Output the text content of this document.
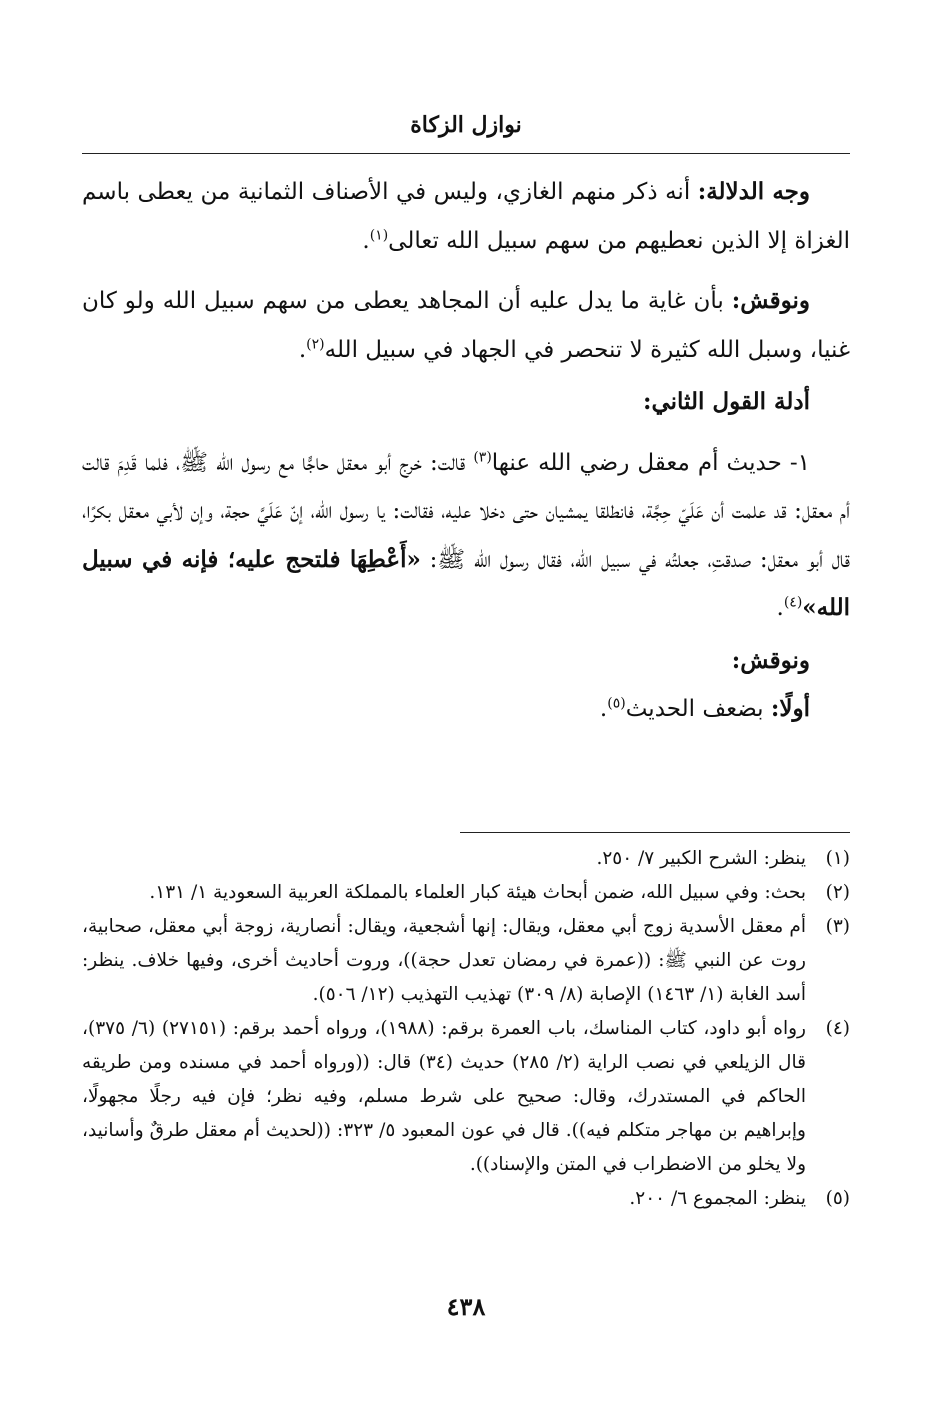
نوازل الزكاة

وجه الدلالة: أنه ذكر منهم الغازي، وليس في الأصناف الثمانية من يعطى باسم الغزاة إلا الذين نعطيهم من سهم سبيل الله تعالى$^{(١)}$.

ونوقش: بأن غاية ما يدل عليه أن المجاهد يعطى من سهم سبيل الله ولو كان غنيا، وسبل الله كثيرة لا تنحصر في الجهاد في سبيل الله$^{(٢)}$.

أدلة القول الثاني:

١- حديث أم معقل رضي الله عنها$^{(٣)}$ قالت: خرج أبو معقل حاجًّا مع رسول الله ﷺ، فلما قَدِمَ قالت أم معقل: قد علمت أن عَلَيّ حِجَّة، فانطلقا يمشيان حتى دخلا عليه، فقالت: يا رسول الله، إنّ عَلَيَّ حجة، وإن لأبي معقل بكرًا، قال أبو معقل: صدقتِ، جعلتُه في سبيل الله، فقال رسول الله ﷺ: «أَعْطِهَا فلتحج عليه؛ فإنه في سبيل الله»$^{(٤)}$.

ونوقش:

أولًا: بضعف الحديث$^{(٥)}$.

(١)
ينظر: الشرح الكبير ٧/ ٢٥٠.

(٢)
بحث: وفي سبيل الله، ضمن أبحاث هيئة كبار العلماء بالمملكة العربية السعودية ١/ ١٣١.

(٣)
أم معقل الأسدية زوج أبي معقل، ويقال: إنها أشجعية، ويقال: أنصارية، زوجة أبي معقل، صحابية، روت عن النبي ﷺ: ((عمرة في رمضان تعدل حجة))، وروت أحاديث أخرى، وفيها خلاف. ينظر: أسد الغابة (١/ ١٤٦٣) الإصابة (٨/ ٣٠٩) تهذيب التهذيب (١٢/ ٥٠٦).

(٤)
رواه أبو داود، كتاب المناسك، باب العمرة برقم: (١٩٨٨)، ورواه أحمد برقم: (٢٧١٥١) (٦/ ٣٧٥)، قال الزيلعي في نصب الراية (٢/ ٢٨٥) حديث (٣٤) قال: ((ورواه أحمد في مسنده ومن طريقه الحاكم في المستدرك، وقال: صحيح على شرط مسلم، وفيه نظر؛ فإن فيه رجلًا مجهولًا، وإبراهيم بن مهاجر متكلم فيه)). قال في عون المعبود ٥/ ٣٢٣: ((لحديث أم معقل طرقٌ وأسانيد، ولا يخلو من الاضطراب في المتن والإسناد)).

(٥)
ينظر: المجموع ٦/ ٢٠٠.

٤٣٨
